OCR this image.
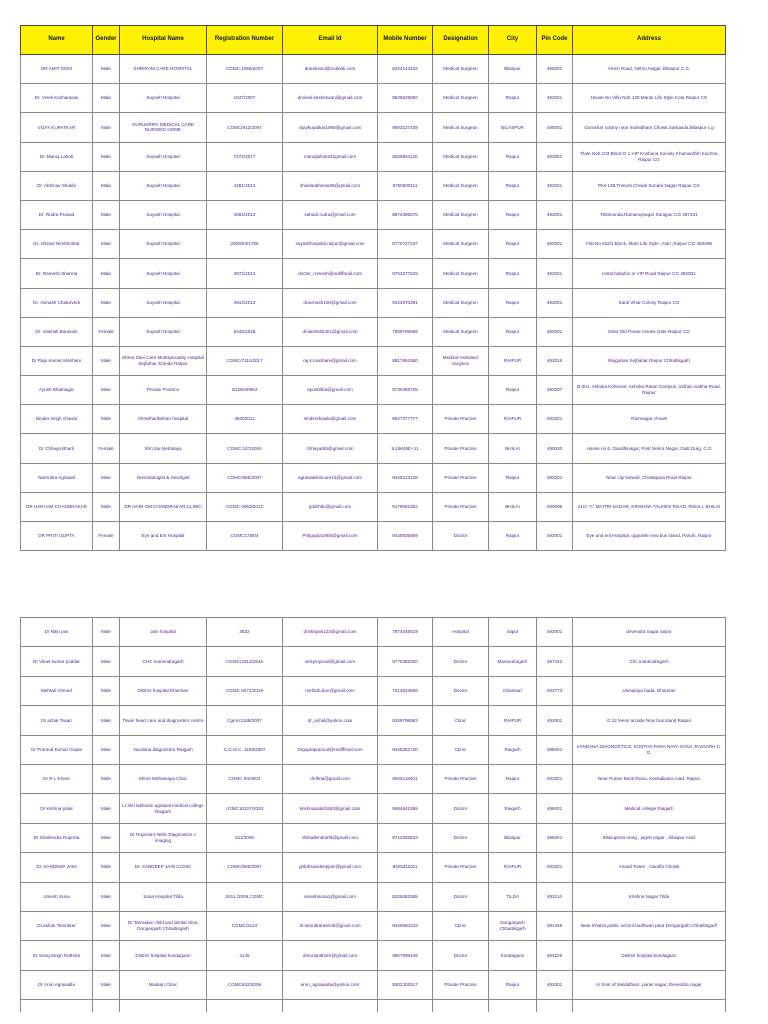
Name	Gender	Hospital Name	Registration Number	Email Id	Mobile Number	Designation	City	Pin Code	Address
DR AMIT SONI	Male	SHRIRAM CARE HOSPITAL	CGMC 1058/2007	dramitsoni@outlook.com	9424143102	Medical Surgeon	Bilaspur	495001	Ameri Road, Nehru Nagar, Bilaspur C.G.
Dr. Vivek Kesharwani	Male	Suyash Hospital	1047/2007	drvivek.kesharwani@gmail.com	9826628000	Medical Surgeon	Raipur	492001	House No Villa Nob 130 Maruti Life Style Kota Raipur CG
VIJAY KUPATKAR	Male	GURUKRIPA MEDICAL CARE NURSING HOME	CGMC/912/2007	vijaykupatkar1968@gmail.com	9893127439	Medical Surgeon	BILASPUR	495001	Gurushar colony near muktidham Chowk,Sarkanda,Bilaspur c.g
Dr. Manoj Lahoti	Male	Suyash Hospital	7272/2017	manojlahoti242gmail.com	9826851120	Medical Surgeon	Raipur	492001	Flate Nob 103 Block D 1 VIP Krishana Society Khamardhih Kachna Raipur CG
Dr. Abhinav Shukla	Male	Suyash Hospital	4281/2012	shuklaabhinav60@gmail.com	9755600111	Medical Surgeon	Raipur	492001	Plot-138,Trimurti Chowk Sundra Nagar Raipur CG
Dr. Rudra Prasad	Male	Suyash Hospital	4691/2013	sahadr.rudra@ymail.com	8874395575	Medical Surgeon	Raipur	492001	Telamunda,Ramanujnagar Surajpur CG 497331
Dr. Vikrant Nimbhorkar	Male	Suyash Hospital	2009/04/1756	suyashhospital.raipur@gmail.com	8770727247	Medical Surgeon	Raipur	492001	Flat No 602/J Block, Marti Life Style ,Atari ,Raipur CG-492099
Dr. Ramesh Sharma	Male	Suyash Hospital	3972/2012	doctor_romesh@rediffmail.com	9753377525	Medical Surgeon	Raipur	492001	Hotal babylon in VIP Road Raipur CG 492001
Dr. Avinash Chaturvedi	Male	Suyash Hospital	4914/2013	dravinash100@gmail.com	9424970291	Medical Surgeon	Raipur	492001	Santi Vihar Colony Raipur CG
Dr. Vaishali Bansode	Female	Suyash Hospital	8440/2018	drvaishali2401@gmail.com	7509795666	Medical Surgeon	Raipur	492001	Near Old Power House Gate Raipur CG
Dr Raju Kumar Manhare	Male	Shree Dani Care Multispeciality Hospital Sejbahar /Dunda Raipur	CGMC/7111/2017	raj.k.manhare@gmail.com	8817654380	Medical Assistant Surgeon	RAIPUR	492015	Mujgahan Sejbahar Raipur Chhattisgarh
Ayush Bhatnagar	Male	Private Practice	2018040963	ayushbha@gmail.com	9730489705		Raipur	492007	B-201, Ashoka Kohinoor, Ashoka Ratan Campus, Vidhan Sabha Road, Raipur
Ninder singh chawla	Male	Shreeharikishan hospital	36302011	nindershawla@gmail.com	9827377777	Private Practice	RAIPUR	492001	Ramnagar chowk
Dr Chhaya Bharti	Female	Shri Sai Netralaya	CGMC 247/2004	chhayadr6@gmail.com	9.19645E+11	Private Practice	BHILAI	490020	House no.6, Gandhinagar, Post Nehru Nagar, Distt Durg, C.G
Narendra Agrawal	Male	Dermatologist & Sexolgist	CGMC/965/2007	agrawalskincare12@gmail.com	9425213139	Private Practice	Raipur	492001	Near city kotwali, Chottapara Road Raipur
DR HARI OM CHANDRAKAR	Male	DR HARI OM CHANDRAKAR CLINIC	CGMC 4063/2012	gridrhtbi@gmail.com	9179062462	Private Practice	BHILAI	490006	21/4 "A" MAITRI NAGAR, KRISHNA TALKIES ROAD, RISALI, BHILAI
DR PRITI GUPTA	Female	Eye and Ent Hospital	CGMC175/04	Pritigupta1905@gmail.com	9425505569	Doctor	Raipur	492001	Eye and ent Hospital, opposite new bus stand, Pandri, Raipur
Dr Nitin jain	Male	Jain hospital	3632	drnitinjain123@gmail.com	7974445019	Hospital	raipur	492001	devendra nagar raipur
Dr Vikas kumar poddar	Male	CHC manendragarh	CGMC/2013/4545	vickymymail@gmail.com	9770385300	Doctor	Manendragarh	497442	Chc manendragarh
Mehtab Ahmed	Male	District hospital Dhamtari	CGMC 8471/2019	mehtab.doc@gmail.com	7013643666	Doctor	Dhamtari	493773	Usmaniya bada, Dhamtari
Dr achal Tiwari	Male	Tiwari heart care and diagnostics centre	Cgmc/1189/2007	dr_achal@yahoo.com	9329798983	Clinic	RAIPUR	492001	G 12 feens arcade New bus stand Raipur
Dr Pramod Kumar Gupta	Male	Vandana diagnostics Raigarh	C.G.M.C. 1109/2007	Drguptapramod@rediffmail.com	9425252730	Clinic	Raigarh	496001	VANDANA DIAGNOSTICS, KOSTHA PARA NAYA GANJ ,RAIGARH C. G.
Dr R L Khare	Male	Shree Mahamaya Clinic	CGMC 64/2003	drrlkrai@gmail.com	9926118401	Private Practice	Raipur	492001	Near Purani Basti thana, Kankalipara road, Raipur
Dr krishna patel	Male	Lt shri lakhiram agrawal medical college Raigarh	cGMC10227/2020	krishnapatel1853@gmail.com	9584841855	Doctor	Raigarh	496001	Medical college Raigarh
Dr Shailendra Rupreta	Male	Dr Rupreta's NMS Diagnostics n imaging	511/2006	drshailendra08@gmail.com	9713355533	Doctor	Bilaspur	495001	90&/uprela marg , jagriti nagar , bilaspur road
Dr. SANDEEP JAIN	Male	Dr. SANDEEP JAIN CLINIC	CGMC/966/2007	gribdrsandeepjain@gmail.com	9425211011	Private Practice	RAIPUR	492001	Anand Tower , Gandhi Chowk
Umesh Suna	Male	Suna Hospital Tilda	2611 /2009 CGMC	umeshsuna1@gmail.com	8225082585	Doctor	TILDA	493114	Krishna Nagar Tilda
Dr.ashok Tamrakar	Male	Dr.Tamrakar child and dental clinic Dongargarh Chhattisgarh	CGMC/3124	dr.tamrakarashok@gmail.com	9425560234	Clinic	Dongargarh Chhattisgarh	491445	Near Khalsa public school budhwari para Dongargarh Chhattisgarh
Dr Suraj Singh Rathore	Male	District hospital kondagaon	4145	drsurajrathore@gmail.com	9907998446	Doctor	Kondagaon	494226	District hospital kondagaon
Dr Arun Agrawalla	Male	Muskan Clinic	CGMC642/2006	arun_agrawalla@yahoo.com	9302302517	Private Practice	Raipur	492001	In front of Muktidham, paras nagar, Devendra nagar
